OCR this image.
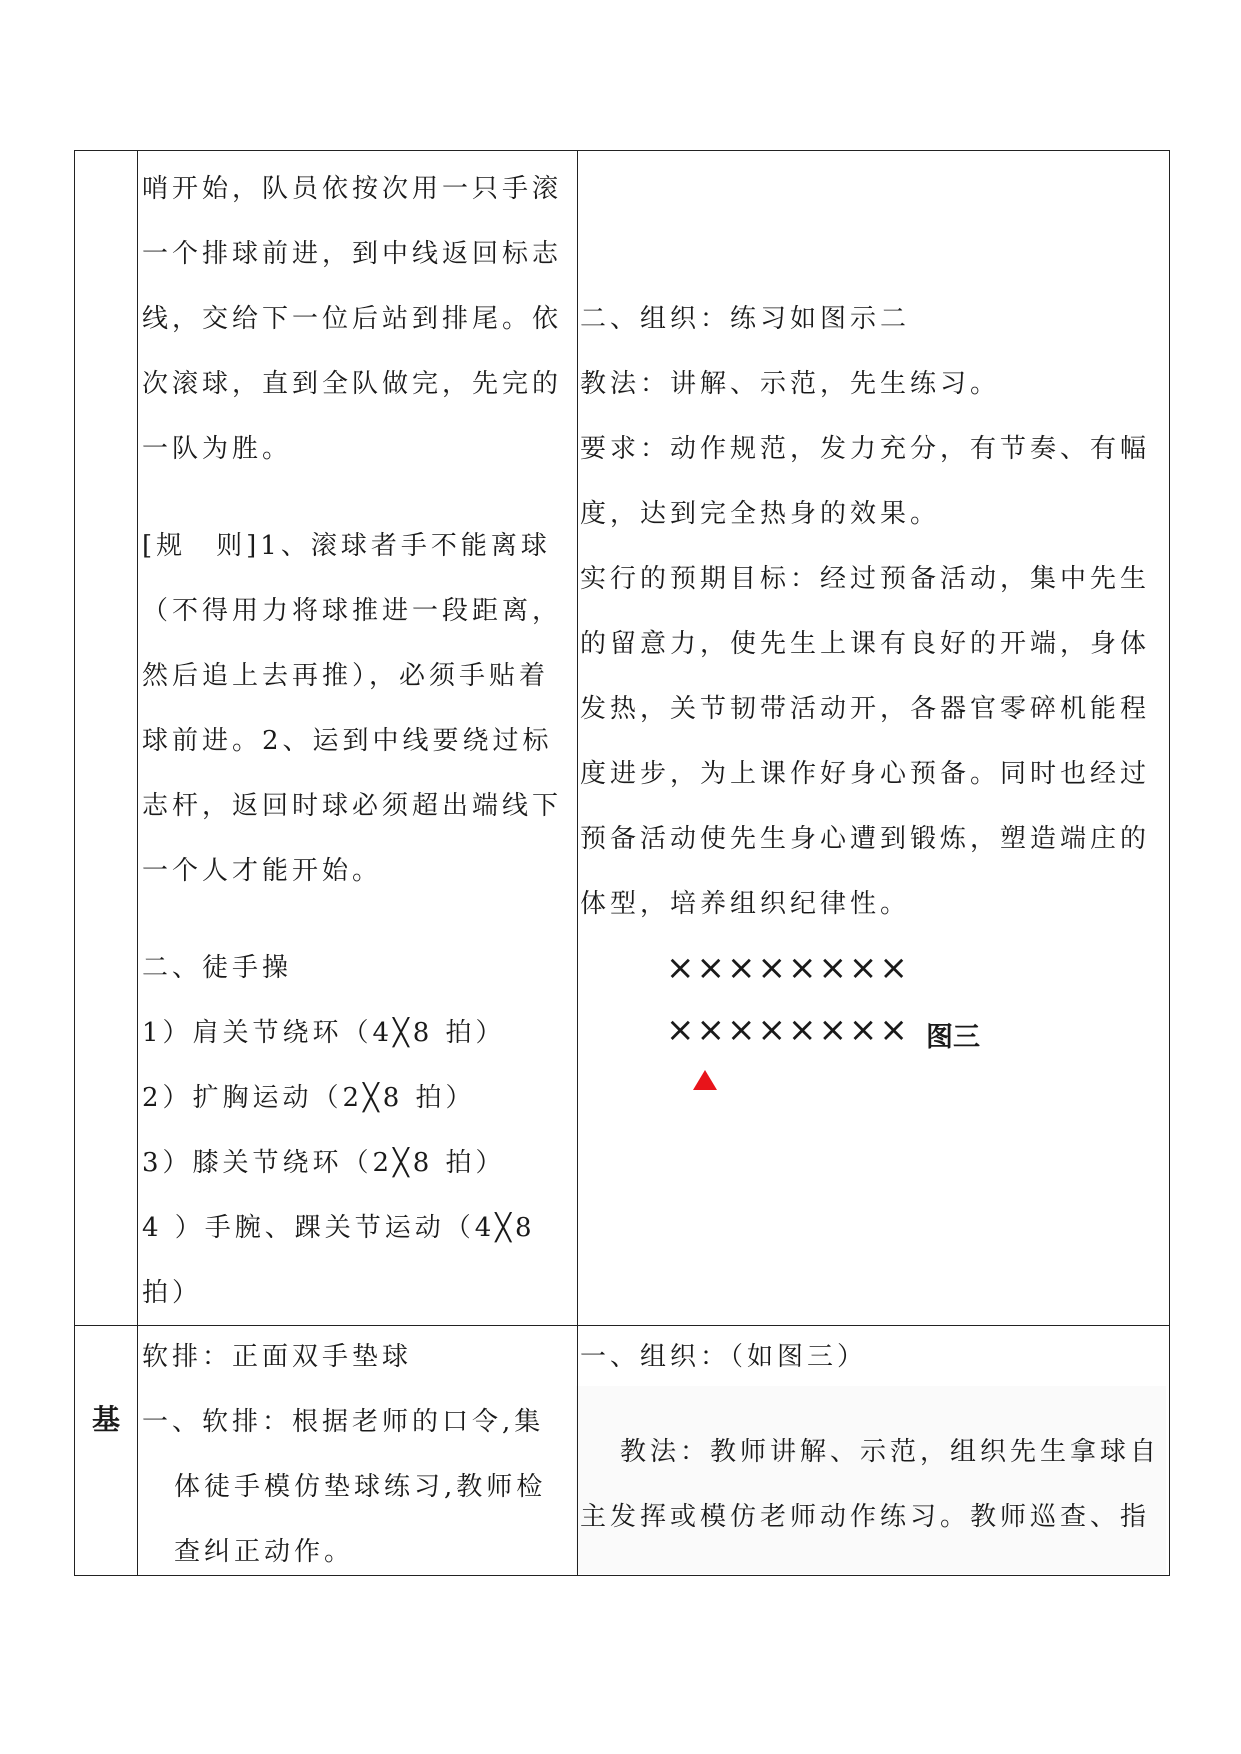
哨开始，队员依按次用一只手滚
一个排球前进，到中线返回标志
线，交给下一位后站到排尾。依
次滚球，直到全队做完，先完的
一队为胜。
[规　则]1、滚球者手不能离球
（不得用力将球推进一段距离，
然后追上去再推），必须手贴着
球前进。2、运到中线要绕过标
志杆，返回时球必须超出端线下
一个人才能开始。
二、徒手操
1）肩关节绕环（4╳8 拍）
2）扩胸运动（2╳8 拍）
3）膝关节绕环（2╳8 拍）
4 ）手腕、踝关节运动（4╳8
拍）
二、组织：练习如图示二
教法：讲解、示范，先生练习。
要求：动作规范，发力充分，有节奏、有幅
度，达到完全热身的效果。
实行的预期目标：经过预备活动，集中先生
的留意力，使先生上课有良好的开端，身体
发热，关节韧带活动开，各器官零碎机能程
度进步，为上课作好身心预备。同时也经过
预备活动使先生身心遭到锻炼，塑造端庄的
体型，培养组织纪律性。
××××××××
×××××××× 图三
基
软排：正面双手垫球
一、软排：根据老师的口令,集
体徒手模仿垫球练习,教师检
查纠正动作。
一、组织：（如图三）
教法：教师讲解、示范，组织先生拿球自
主发挥或模仿老师动作练习。教师巡查、指
